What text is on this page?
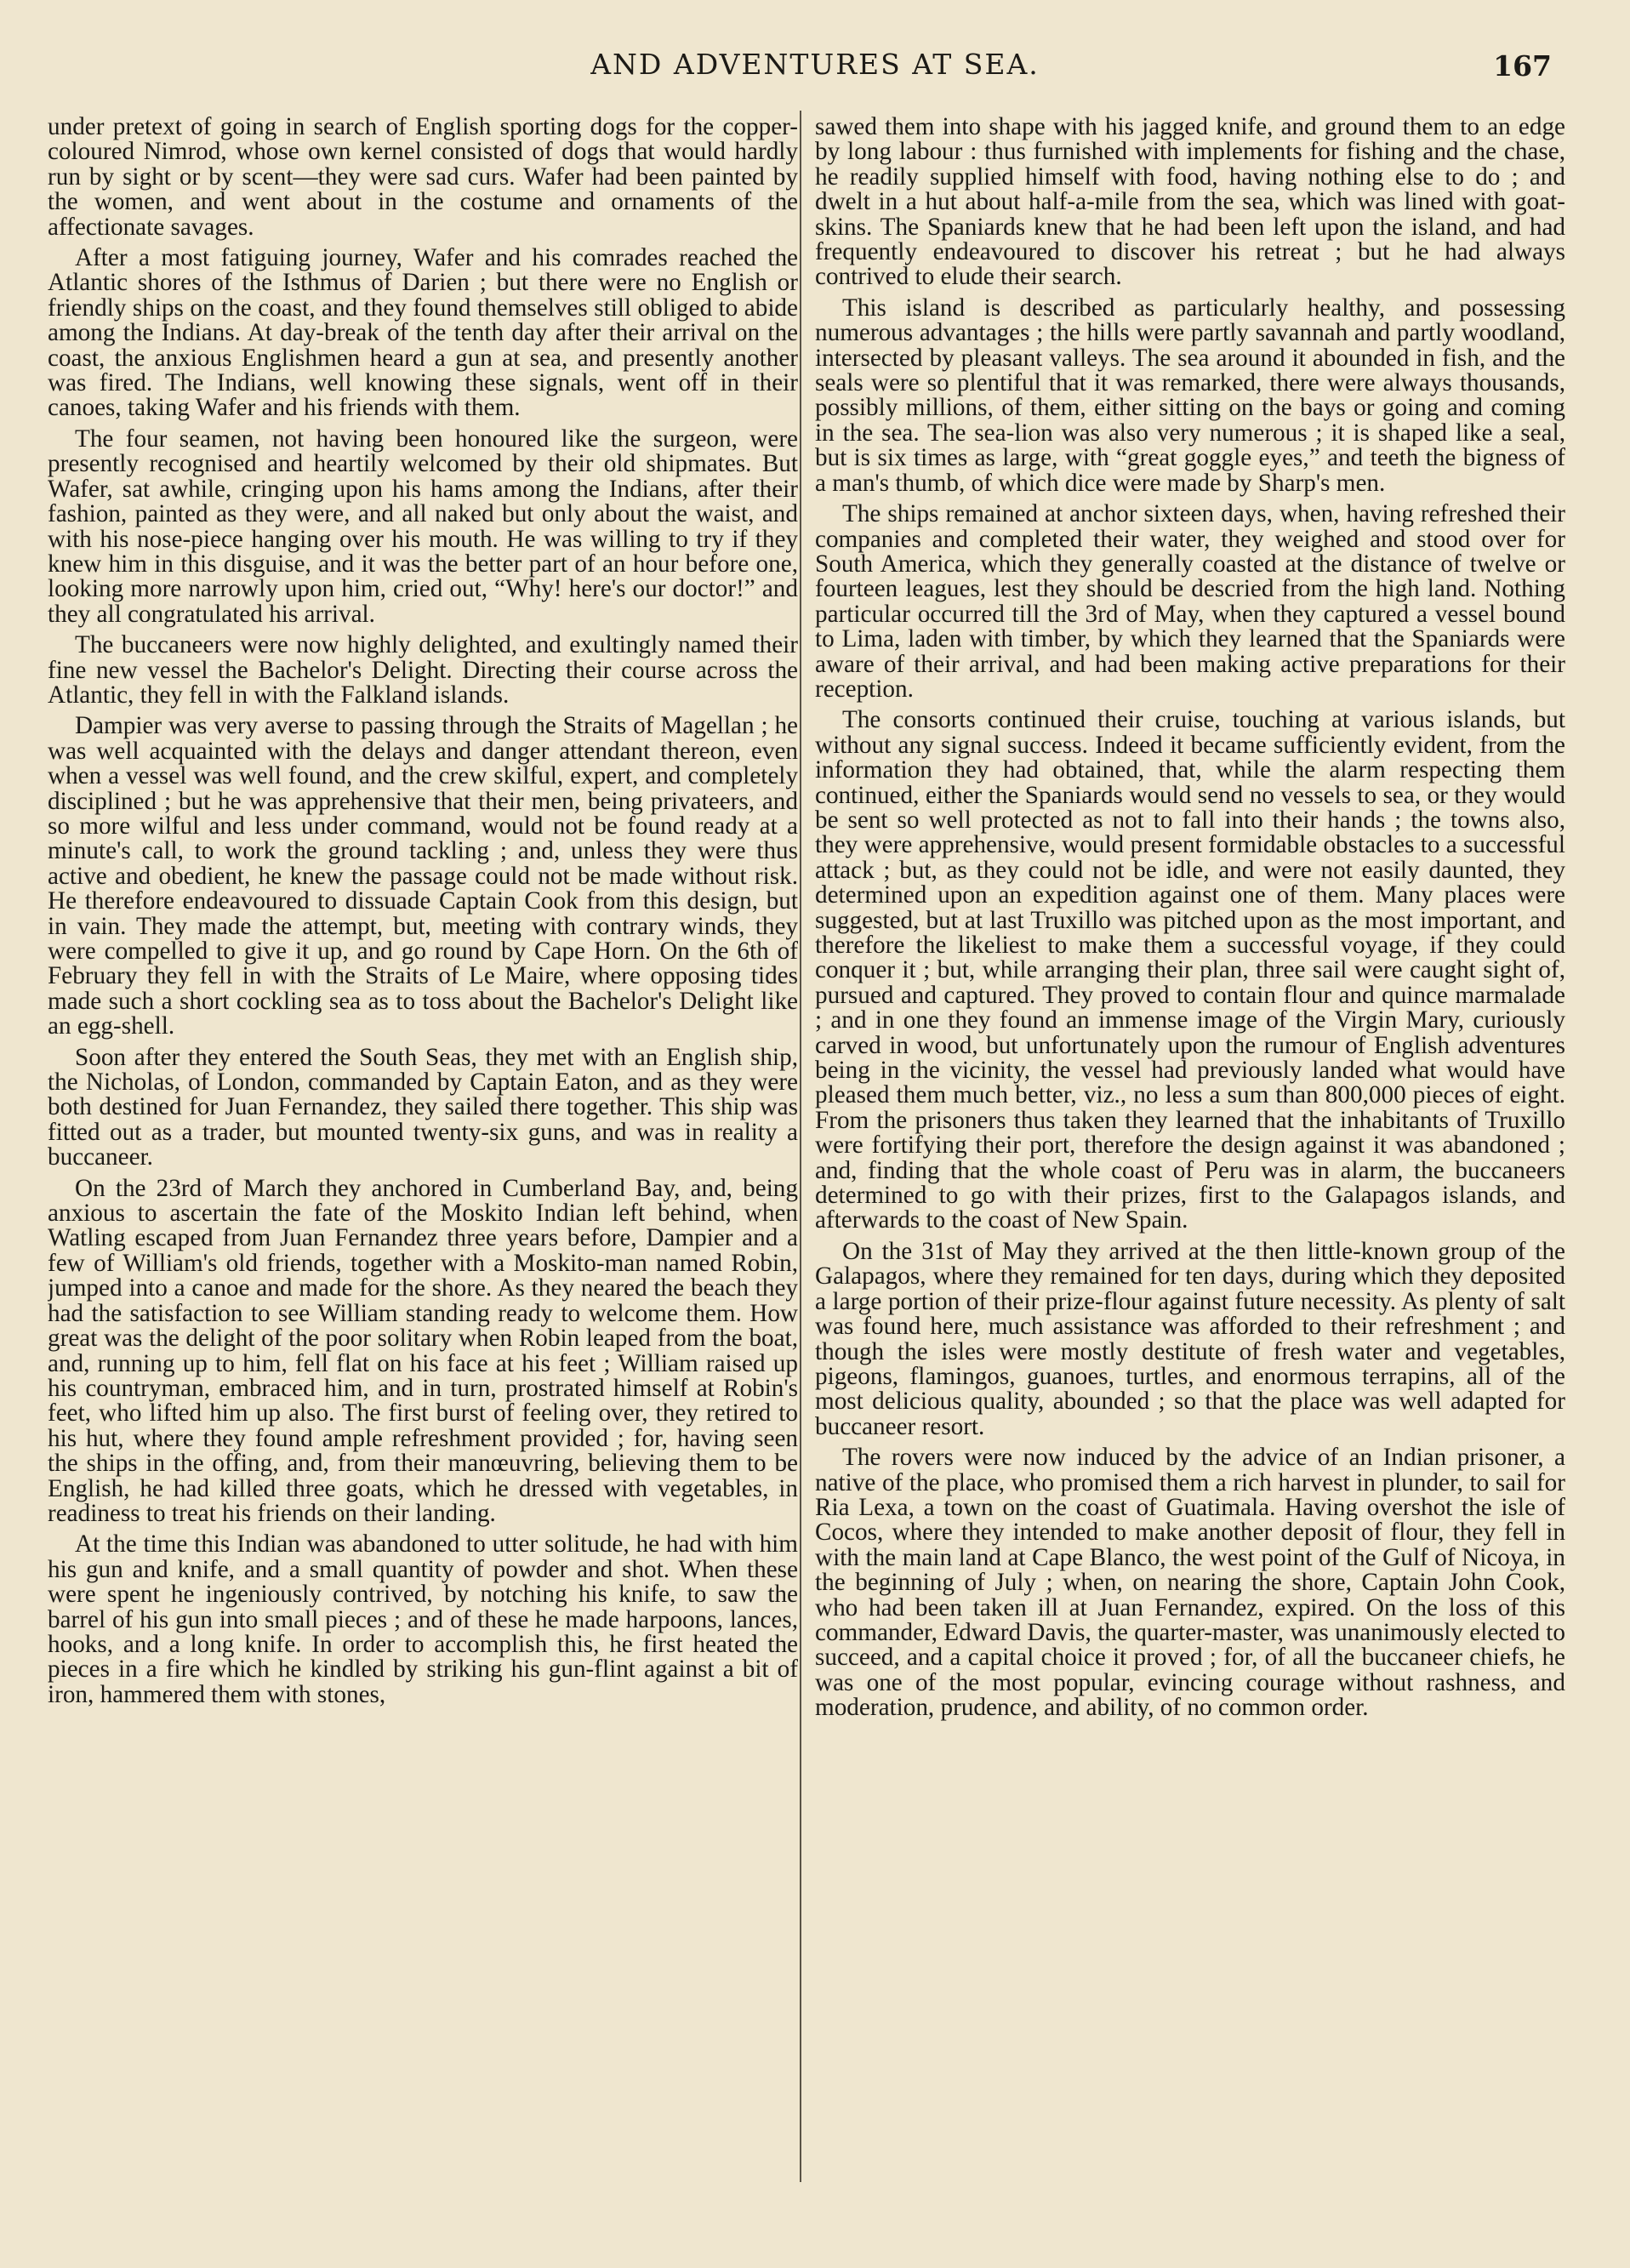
AND ADVENTURES AT SEA.	167

under pretext of going in search of English sporting dogs for the copper-coloured Nimrod, whose own kernel consisted of dogs that would hardly run by sight or by scent—they were sad curs. Wafer had been painted by the women, and went about in the costume and ornaments of the affectionate savages.

After a most fatiguing journey, Wafer and his comrades reached the Atlantic shores of the Isthmus of Darien ; but there were no English or friendly ships on the coast, and they found themselves still obliged to abide among the Indians. At day-break of the tenth day after their arrival on the coast, the anxious Englishmen heard a gun at sea, and presently another was fired. The Indians, well knowing these signals, went off in their canoes, taking Wafer and his friends with them.

The four seamen, not having been honoured like the surgeon, were presently recognised and heartily welcomed by their old shipmates. But Wafer, sat awhile, cringing upon his hams among the Indians, after their fashion, painted as they were, and all naked but only about the waist, and with his nose-piece hanging over his mouth. He was willing to try if they knew him in this disguise, and it was the better part of an hour before one, looking more narrowly upon him, cried out, “Why! here's our doctor!” and they all congratulated his arrival.

The buccaneers were now highly delighted, and exultingly named their fine new vessel the Bachelor's Delight. Directing their course across the Atlantic, they fell in with the Falkland islands.

Dampier was very averse to passing through the Straits of Magellan ; he was well acquainted with the delays and danger attendant thereon, even when a vessel was well found, and the crew skilful, expert, and completely disciplined ; but he was apprehensive that their men, being privateers, and so more wilful and less under command, would not be found ready at a minute's call, to work the ground tackling ; and, unless they were thus active and obedient, he knew the passage could not be made without risk. He therefore endeavoured to dissuade Captain Cook from this design, but in vain. They made the attempt, but, meeting with contrary winds, they were compelled to give it up, and go round by Cape Horn. On the 6th of February they fell in with the Straits of Le Maire, where opposing tides made such a short cockling sea as to toss about the Bachelor's Delight like an egg-shell.

Soon after they entered the South Seas, they met with an English ship, the Nicholas, of London, commanded by Captain Eaton, and as they were both destined for Juan Fernandez, they sailed there together. This ship was fitted out as a trader, but mounted twenty-six guns, and was in reality a buccaneer.

On the 23rd of March they anchored in Cumberland Bay, and, being anxious to ascertain the fate of the Moskito Indian left behind, when Watling escaped from Juan Fernandez three years before, Dampier and a few of William's old friends, together with a Moskito-man named Robin, jumped into a canoe and made for the shore. As they neared the beach they had the satisfaction to see William standing ready to welcome them. How great was the delight of the poor solitary when Robin leaped from the boat, and, running up to him, fell flat on his face at his feet ; William raised up his countryman, embraced him, and in turn, prostrated himself at Robin's feet, who lifted him up also. The first burst of feeling over, they retired to his hut, where they found ample refreshment provided ; for, having seen the ships in the offing, and, from their manœuvring, believing them to be English, he had killed three goats, which he dressed with vegetables, in readiness to treat his friends on their landing.

At the time this Indian was abandoned to utter solitude, he had with him his gun and knife, and a small quantity of powder and shot. When these were spent he ingeniously contrived, by notching his knife, to saw the barrel of his gun into small pieces ; and of these he made harpoons, lances, hooks, and a long knife. In order to accomplish this, he first heated the pieces in a fire which he kindled by striking his gun-flint against a bit of iron, hammered them with stones,

sawed them into shape with his jagged knife, and ground them to an edge by long labour : thus furnished with implements for fishing and the chase, he readily supplied himself with food, having nothing else to do ; and dwelt in a hut about half-a-mile from the sea, which was lined with goat-skins. The Spaniards knew that he had been left upon the island, and had frequently endeavoured to discover his retreat ; but he had always contrived to elude their search.

This island is described as particularly healthy, and possessing numerous advantages ; the hills were partly savannah and partly woodland, intersected by pleasant valleys. The sea around it abounded in fish, and the seals were so plentiful that it was remarked, there were always thousands, possibly millions, of them, either sitting on the bays or going and coming in the sea. The sea-lion was also very numerous ; it is shaped like a seal, but is six times as large, with “great goggle eyes,” and teeth the bigness of a man's thumb, of which dice were made by Sharp's men.

The ships remained at anchor sixteen days, when, having refreshed their companies and completed their water, they weighed and stood over for South America, which they generally coasted at the distance of twelve or fourteen leagues, lest they should be descried from the high land. Nothing particular occurred till the 3rd of May, when they captured a vessel bound to Lima, laden with timber, by which they learned that the Spaniards were aware of their arrival, and had been making active preparations for their reception.

The consorts continued their cruise, touching at various islands, but without any signal success. Indeed it became sufficiently evident, from the information they had obtained, that, while the alarm respecting them continued, either the Spaniards would send no vessels to sea, or they would be sent so well protected as not to fall into their hands ; the towns also, they were apprehensive, would present formidable obstacles to a successful attack ; but, as they could not be idle, and were not easily daunted, they determined upon an expedition against one of them. Many places were suggested, but at last Truxillo was pitched upon as the most important, and therefore the likeliest to make them a successful voyage, if they could conquer it ; but, while arranging their plan, three sail were caught sight of, pursued and captured. They proved to contain flour and quince marmalade ; and in one they found an immense image of the Virgin Mary, curiously carved in wood, but unfortunately upon the rumour of English adventures being in the vicinity, the vessel had previously landed what would have pleased them much better, viz., no less a sum than 800,000 pieces of eight. From the prisoners thus taken they learned that the inhabitants of Truxillo were fortifying their port, therefore the design against it was abandoned ; and, finding that the whole coast of Peru was in alarm, the buccaneers determined to go with their prizes, first to the Galapagos islands, and afterwards to the coast of New Spain.

On the 31st of May they arrived at the then little-known group of the Galapagos, where they remained for ten days, during which they deposited a large portion of their prize-flour against future necessity. As plenty of salt was found here, much assistance was afforded to their refreshment ; and though the isles were mostly destitute of fresh water and vegetables, pigeons, flamingos, guanoes, turtles, and enormous terrapins, all of the most delicious quality, abounded ; so that the place was well adapted for buccaneer resort.

The rovers were now induced by the advice of an Indian prisoner, a native of the place, who promised them a rich harvest in plunder, to sail for Ria Lexa, a town on the coast of Guatimala. Having overshot the isle of Cocos, where they intended to make another deposit of flour, they fell in with the main land at Cape Blanco, the west point of the Gulf of Nicoya, in the beginning of July ; when, on nearing the shore, Captain John Cook, who had been taken ill at Juan Fernandez, expired. On the loss of this commander, Edward Davis, the quarter-master, was unanimously elected to succeed, and a capital choice it proved ; for, of all the buccaneer chiefs, he was one of the most popular, evincing courage without rashness, and moderation, prudence, and ability, of no common order.
